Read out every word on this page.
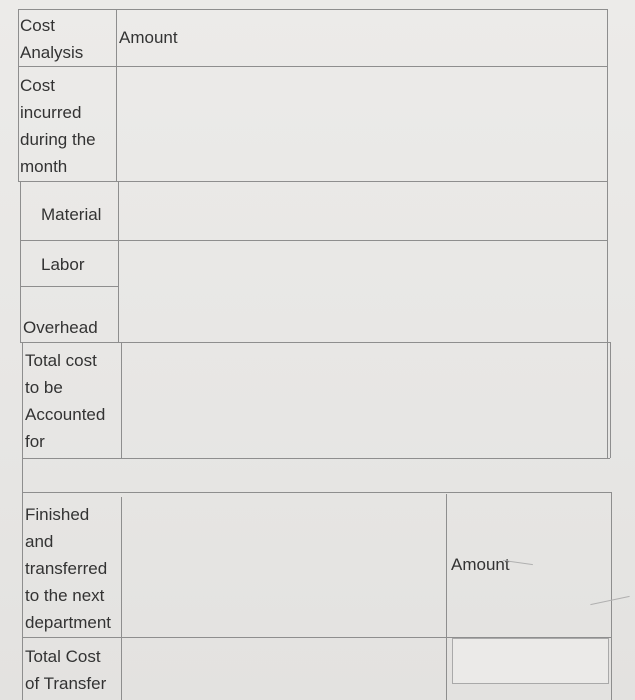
Cost
Analysis
Amount
Cost
incurred
during the
month
Material
Labor
Overhead
Total cost
to be
Accounted
for
Finished
and
transferred
to the next
department
Amount
Total Cost
of Transfer
